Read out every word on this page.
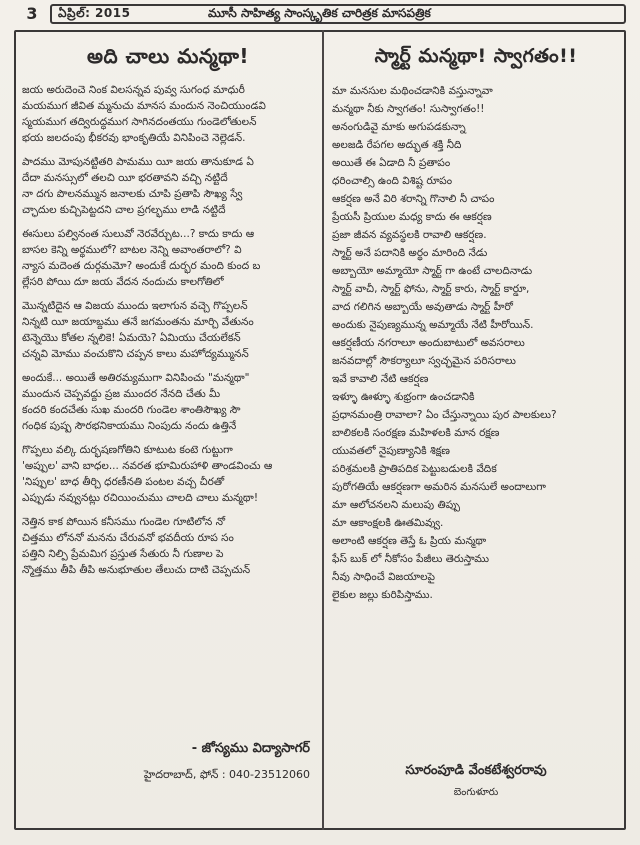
3	ఏప్రిల్: 2015	మూసీ సాహిత్య సాంస్కృతిక చారిత్రక మాసపత్రిక
అది చాలు మన్మథా!
జయ అరుదెంచె నింక విలసన్నవ పువ్వ సుగంధ మాధురీ
మయముగ జీవిత మ్మనుచు మానస మందున నెంచియుండవి
స్మయముగ తద్విరుద్ధముగ సాగినదంతయు గుండెలోతులన్
భయ జలదంపు భీకరవు భాంకృతియే వినిపించె నెల్లెడన్.
పాదము మోపునట్టితరి పామము యీ జయ తానుకూడ ఏ
దేదా మనస్సులో తలచి యీ భరతావని వచ్చి నట్టిదే
నా దగు పొలనమ్మున జనాలకు చూపి ప్రతాపి సౌఖ్య స్వే
చ్ఛాదుల కుచ్చిపెట్టదని చాల ప్రగల్భము లాడి నట్టిదే
ఈసులు పల్వినంత సులువో నెరవేర్చుట...? కాదు కాదు ఆ
బాసల కెన్ని అర్థములో? బాటల నెన్ని అవాంతరాలో? వి
న్యాస మదెంత దుర్గమమో? అందుకే దుర్భర మంది కుంద బ
ల్లేసరి పోయి దూ జయ వేదన నందుచు కాలగోతిలో
మొన్నటిదైన ఆ విజయ ముందు ఇలాగున వచ్చె గొప్పలన్
నిన్నటి యీ జయాబ్దము తనే జగమంతను మార్చి వేతునం
టెన్నెయొ కోతల న్నలికె! ఏమయె? ఏమియు చేయలేకన్
చన్నవి మోము వంచుకొని చప్పన కాలు మహోద్యమ్మునన్
అందుకే... అయితే అతిరమ్యముగా వినిపించు "మన్మథా"
ముందున చెప్పవద్దు ప్రజ ముందర నేనది చేతు మీ
కందరి కందచేతు సుఖ మందరి గుండెల శాంతిసౌఖ్య సౌ
గంధిక పుష్ప సౌరభనికాయము నింపుదు నందు ఉత్తినే
గొప్పలు వల్కి దుర్భషణగోతిని కూటుట కంటె గుట్టుగా
'అప్పుల' వాని బాధల... నవరత భూమిరుహాళి తాండవించు ఆ
'నిప్పుల' బాధ తీర్చి ధరణీనతి పంటల వచ్చ చీరతో
ఎప్పుడు నవ్వునట్లు రచియించుము చాలది చాలు మన్మథా!
నెత్తిన కాక పోయిన కనీసము గుండెల గూటిలోన నో
చిత్తము లోననో మనను చేరువనో భవదీయ రూప సం
పత్తిని నిల్పి ప్రేమమిగ ప్రస్తుత సేతురు నీ గుణాల పె
న్మొత్తము తీపి తీపి అనుభూతుల తేలుచు దాటి చెప్పచున్
- జోస్యము విద్యాసాగర్
హైదరాబాద్, ఫోన్ : 040-23512060
స్మార్ట్ మన్మథా! స్వాగతం!!
మా మనసుల మథించడానికి వస్తున్నావా
మన్మథా నీకు స్వాగతం! సుస్వాగతం!!
అనంగుడివై మాకు అగుపడకున్నా
అలజడి రేపగల అద్భుత శక్తి నీది
అయితే ఈ ఏడాది నీ ప్రతాపం
ధరించాల్సి ఉంది విశిష్ట రూపం
ఆకర్షణ అనే విరి శరాన్ని గొనాలి నీ చాపం
ప్రేయసీ ప్రియుల మధ్య కాదు ఈ ఆకర్షణ
ప్రజా జీవన వ్యవస్థలకి రావాలి ఆకర్షణ.
స్మార్ట్ అనే పదానికి అర్థం మారింది నేడు
అబ్బాయో అమ్మాయో స్మార్ట్ గా ఉంటే చాలదినాడు
స్మార్ట్ వాచీ, స్మార్ట్ ఫోను, స్మార్ట్ కారు, స్మార్ట్ కార్డూ,
వాద గలిగిన అబ్బాయే అవుతాడు స్మార్ట్ హీరో
అందుకు నైపుణ్యమున్న అమ్మాయే నేటి హీరోయిన్.
ఆకర్షణీయ నగరాలూ అందుబాటులో అవసరాలు
జనవదాల్లో సౌకర్యాలూ స్వచ్ఛమైన పరిసరాలు
ఇవే కావాలి నేటి ఆకర్షణ
ఇళ్ళూ ఊళ్ళూ శుభ్రంగా ఉంచడానికి
ప్రధానమంత్రి రావాలా? ఏం చేస్తున్నాయి పుర పాలకులు?
బాలికలకి సంరక్షణ మహిళలకి మాన రక్షణ
యువతలో నైపుణ్యానికి శిక్షణ
పరిశ్రమలకి ప్రాతిపదిక పెట్టుబడులకి వేదిక
పురోగతియే ఆకర్షణగా అమరిన మనసులే అందాలుగా
మా ఆలోచనలని మలుపు తిప్పు
మా ఆకాంక్షలకి ఊతమివ్వు.
అలాంటి ఆకర్షణ తెస్తే ఓ ప్రియ మన్మథా
ఫేస్ బుక్ లో నీకోసం పేజీలు తెరుస్తాము
నీవు సాధించే విజయాలపై
లైకుల జల్లు కురిపిస్తాము.
సూరంపూడి వేంకటేశ్వరరావు
బెంగుళూరు
